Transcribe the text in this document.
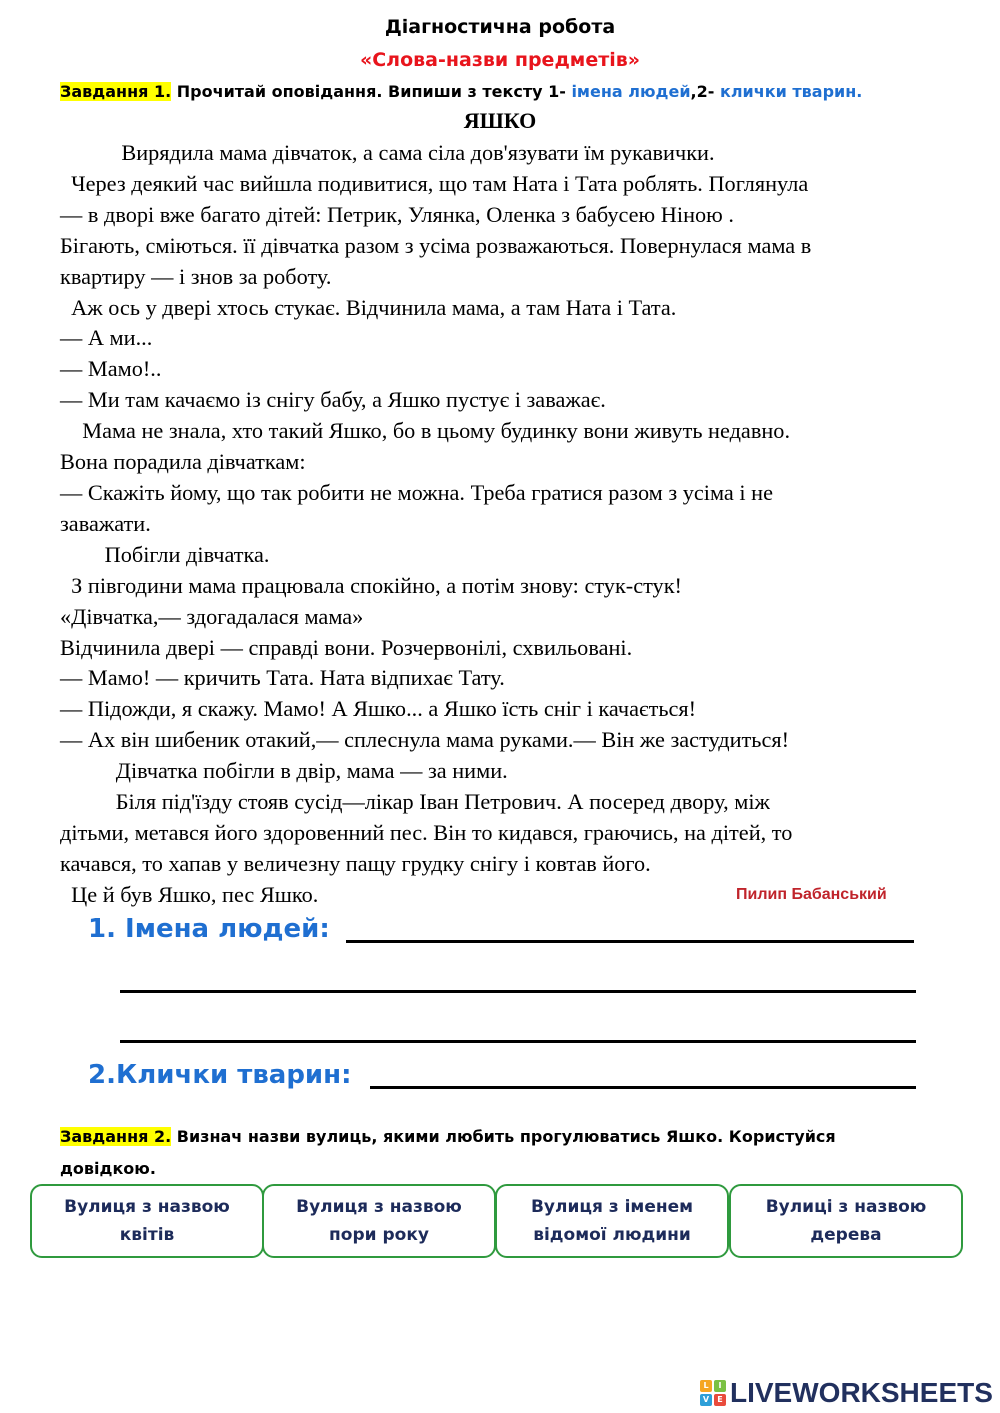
Діагностична робота
«Слова-назви предметів»
Завдання 1. Прочитай оповідання. Випиши з тексту 1- імена людей,2- клички тварин.
ЯШКО
Вирядила мама дівчаток, а сама сіла дов'язувати їм рукавички.
Через деякий час вийшла подивитися, що там Ната і Тата роблять. Поглянула
— в дворі вже багато дітей: Петрик, Улянка, Оленка з бабусею Ніною .
Бігають, сміються. її дівчатка разом з усіма розважаються. Повернулася мама в
квартиру — і знов за роботу.
Аж ось у двері хтось стукає. Відчинила мама, а там Ната і Тата.
— А ми...
— Мамо!..
— Ми там качаємо із снігу бабу, а Яшко пустує і заважає.
Мама не знала, хто такий Яшко, бо в цьому будинку вони живуть недавно.
Вона порадила дівчаткам:
— Скажіть йому, що так робити не можна. Треба гратися разом з усіма і не
заважати.
Побігли дівчатка.
З півгодини мама працювала спокійно, а потім знову: стук-стук!
«Дівчатка,— здогадалася мама»
Відчинила двері — справді вони. Розчервонілі, схвильовані.
— Мамо! — кричить Тата. Ната відпихає Тату.
— Підожди, я скажу. Мамо! А Яшко... а Яшко їсть сніг і качається!
— Ах він шибеник отакий,— сплеснула мама руками.— Він же застудиться!
Дівчатка побігли в двір, мама — за ними.
Біля під'їзду стояв сусід—лікар Іван Петрович. А посеред двору, між
дітьми, метався його здоровенний пес. Він то кидався, граючись, на дітей, то
качався, то хапав у величезну пащу грудку снігу і ковтав його.
Це й був Яшко, пес Яшко.	Пилип Бабанський
1. Імена людей:
2.Клички тварин:
Завдання 2. Визнач назви вулиць, якими любить прогулюватись Яшко. Користуйся довідкою.
Вулиця з назвою квітів
Вулиця з назвою пори року
Вулиця з іменем відомої людини
Вулиці з назвою дерева
L	I
V	E LIVEWORKSHEETS
